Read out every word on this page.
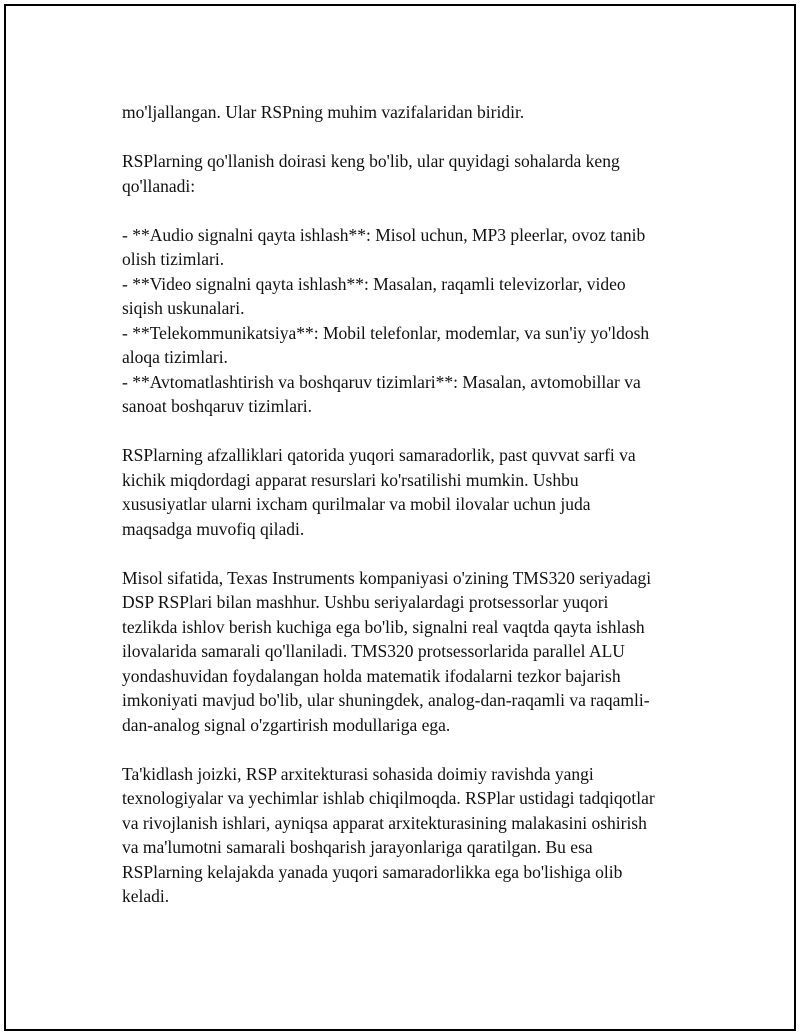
mo'ljallangan. Ular RSPning muhim vazifalaridan biridir.

RSPlarning qo'llanish doirasi keng bo'lib, ular quyidagi sohalarda keng
qo'llanadi:

- **Audio signalni qayta ishlash**: Misol uchun, MP3 pleerlar, ovoz tanib
olish tizimlari.
- **Video signalni qayta ishlash**: Masalan, raqamli televizorlar, video
siqish uskunalari.
- **Telekommunikatsiya**: Mobil telefonlar, modemlar, va sun'iy yo'ldosh
aloqa tizimlari.
- **Avtomatlashtirish va boshqaruv tizimlari**: Masalan, avtomobillar va
sanoat boshqaruv tizimlari.

RSPlarning afzalliklari qatorida yuqori samaradorlik, past quvvat sarfi va
kichik miqdordagi apparat resurslari ko'rsatilishi mumkin. Ushbu
xususiyatlar ularni ixcham qurilmalar va mobil ilovalar uchun juda
maqsadga muvofiq qiladi.

Misol sifatida, Texas Instruments kompaniyasi o'zining TMS320 seriyadagi
DSP RSPlari bilan mashhur. Ushbu seriyalardagi protsessorlar yuqori
tezlikda ishlov berish kuchiga ega bo'lib, signalni real vaqtda qayta ishlash
ilovalarida samarali qo'llaniladi. TMS320 protsessorlarida parallel ALU
yondashuvidan foydalangan holda matematik ifodalarni tezkor bajarish
imkoniyati mavjud bo'lib, ular shuningdek, analog-dan-raqamli va raqamli-
dan-analog signal o'zgartirish modullariga ega.

Ta'kidlash joizki, RSP arxitekturasi sohasida doimiy ravishda yangi
texnologiyalar va yechimlar ishlab chiqilmoqda. RSPlar ustidagi tadqiqotlar
va rivojlanish ishlari, ayniqsa apparat arxitekturasining malakasini oshirish
va ma'lumotni samarali boshqarish jarayonlariga qaratilgan. Bu esa
RSPlarning kelajakda yanada yuqori samaradorlikka ega bo'lishiga olib
keladi.
